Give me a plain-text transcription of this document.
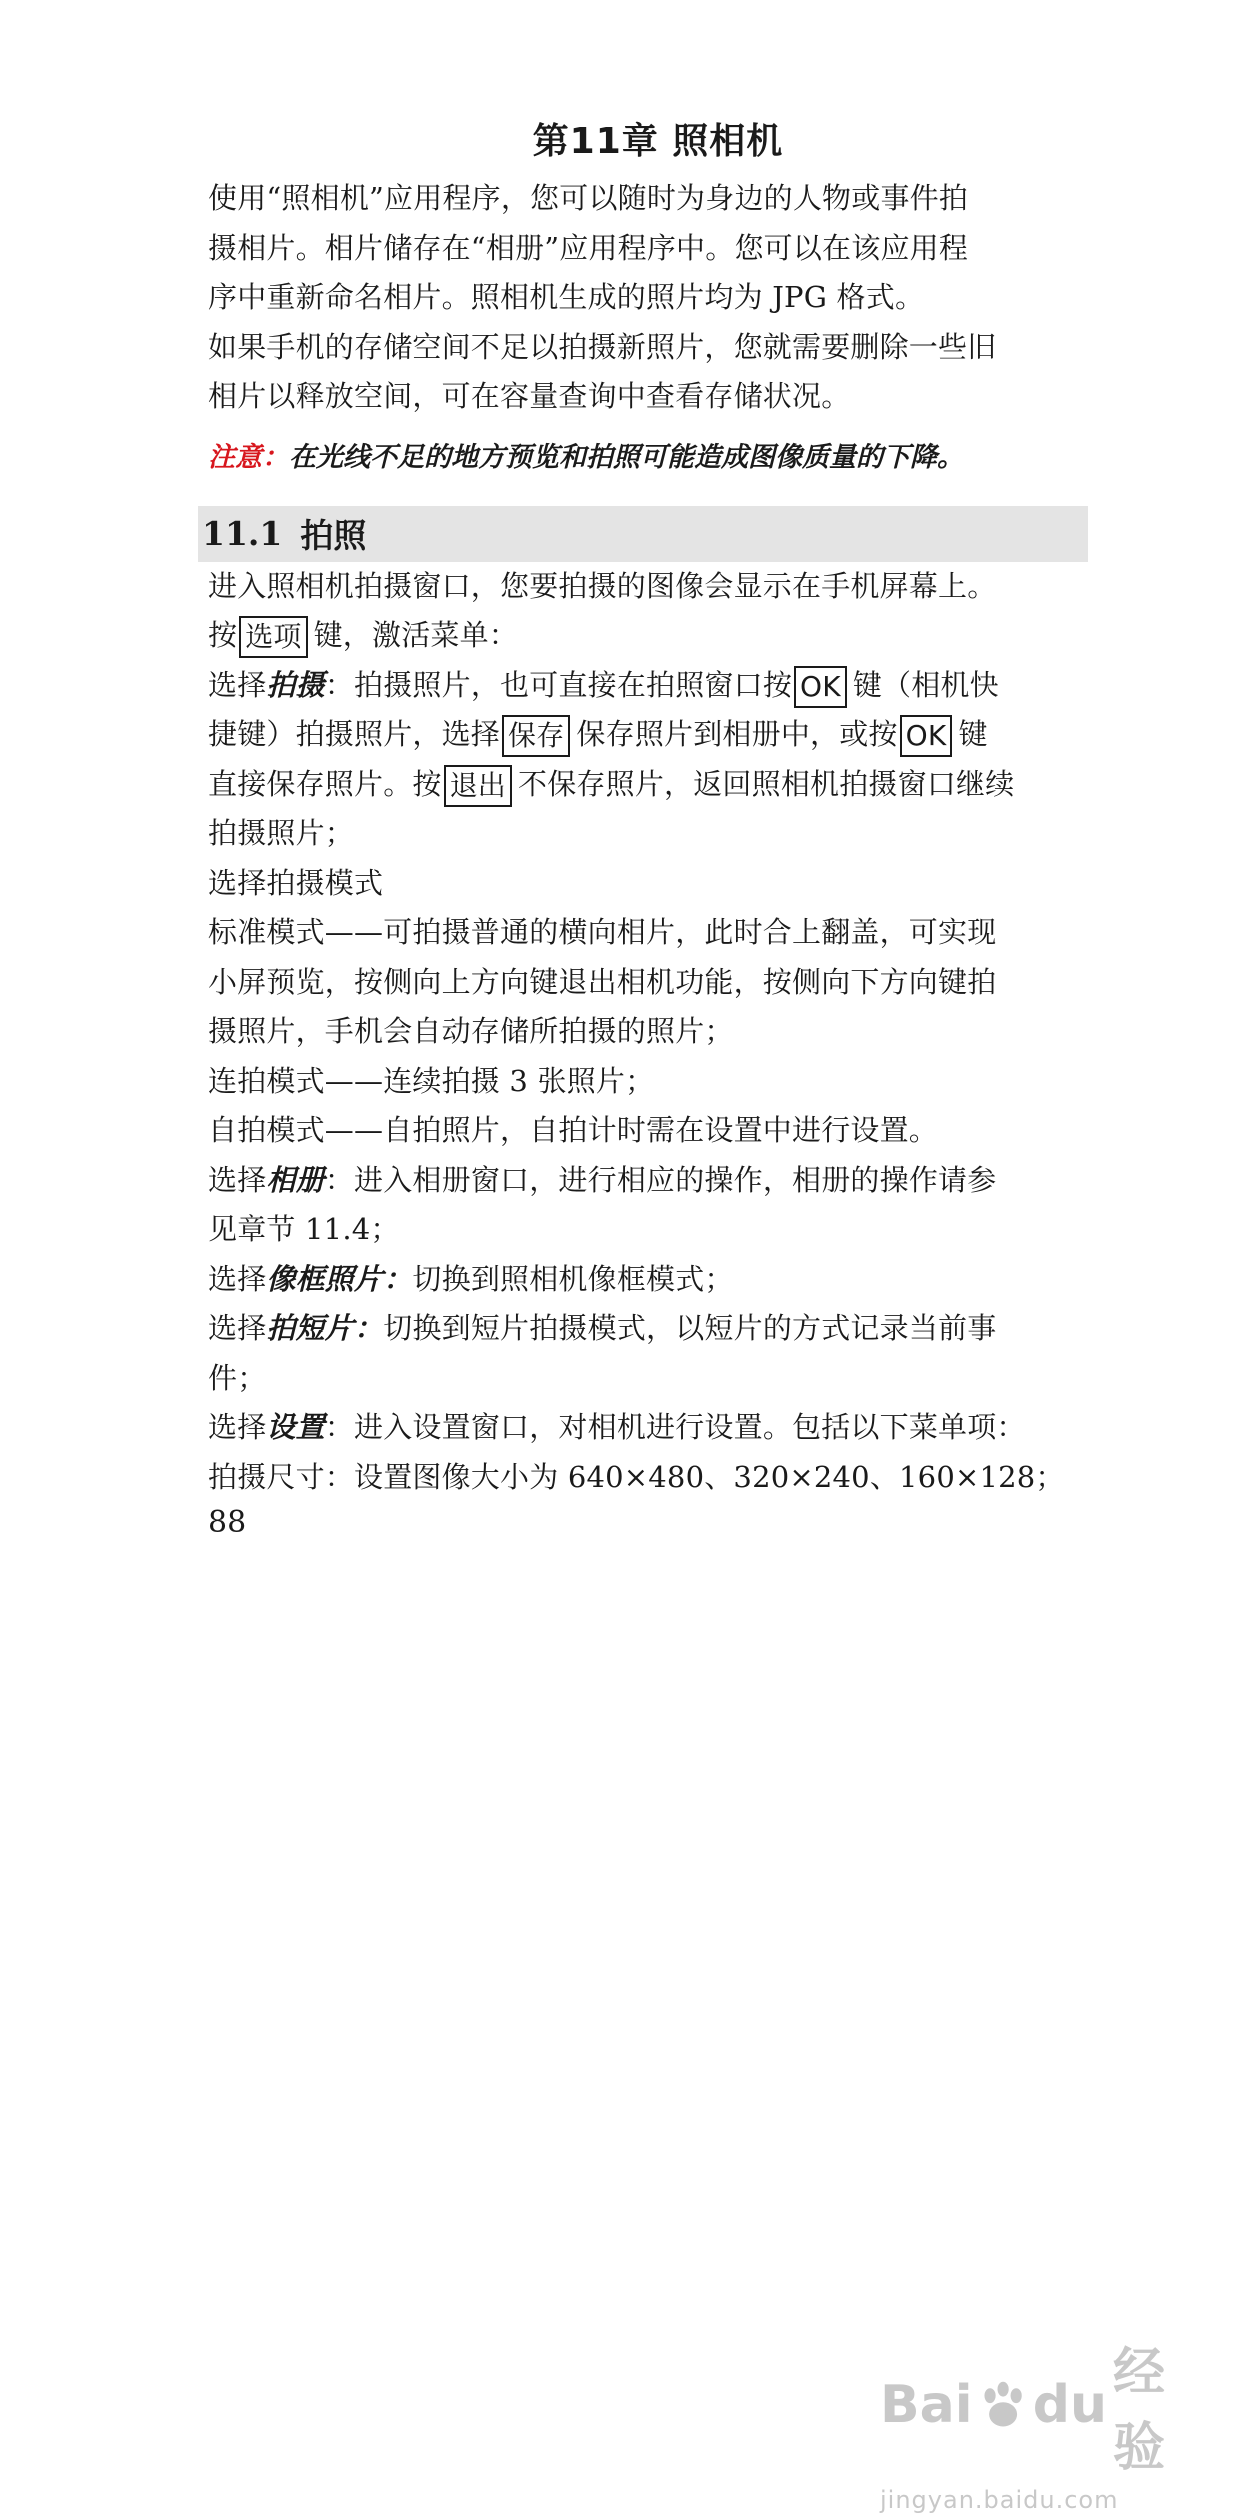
第11章 照相机
使用“照相机”应用程序，您可以随时为身边的人物或事件拍
摄相片。相片储存在“相册”应用程序中。您可以在该应用程
序中重新命名相片。照相机生成的照片均为 JPG 格式。
如果手机的存储空间不足以拍摄新照片，您就需要删除一些旧
相片以释放空间，可在容量查询中查看存储状况。
注意：在光线不足的地方预览和拍照可能造成图像质量的下降。
11.1 拍照
进入照相机拍摄窗口，您要拍摄的图像会显示在手机屏幕上。
按 选项 键，激活菜单：
选择拍摄：拍摄照片，也可直接在拍照窗口按 OK 键（相机快
捷键）拍摄照片，选择 保存 保存照片到相册中，或按 OK 键
直接保存照片。按 退出 不保存照片，返回照相机拍摄窗口继续
拍摄照片；
选择拍摄模式
标准模式——可拍摄普通的横向相片，此时合上翻盖，可实现
小屏预览，按侧向上方向键退出相机功能，按侧向下方向键拍
摄照片，手机会自动存储所拍摄的照片；
连拍模式——连续拍摄 3 张照片；
自拍模式——自拍照片，自拍计时需在设置中进行设置。
选择相册：进入相册窗口，进行相应的操作，相册的操作请参
见章节 11.4；
选择像框照片：切换到照相机像框模式；
选择拍短片：切换到短片拍摄模式，以短片的方式记录当前事
件；
选择设置：进入设置窗口，对相机进行设置。包括以下菜单项：
拍摄尺寸：设置图像大小为 640×480、320×240、160×128；
88
Bai du
经验
jingyan.baidu.com
